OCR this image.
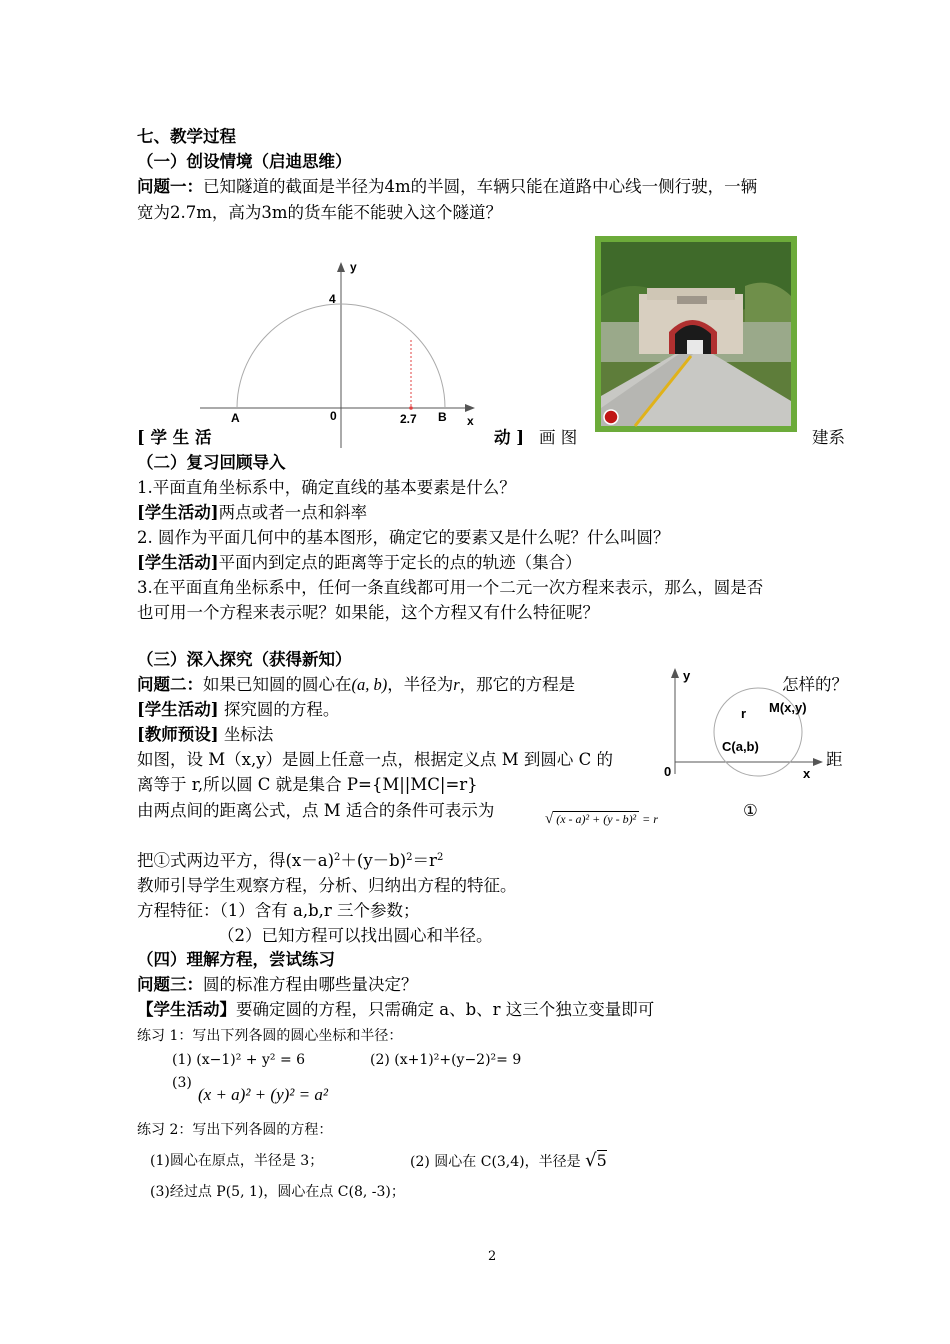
七、教学过程
（一）创设情境（启迪思维）
问题一：已知隧道的截面是半径为4m的半圆，车辆只能在道路中心线一侧行驶，一辆
宽为2.7m，高为3m的货车能不能驶入这个隧道？
y
x
4
A	0	2.7 B
[ 学 生 活	动 ] 画 图	建系
（二）复习回顾导入
1.平面直角坐标系中，确定直线的基本要素是什么？
[学生活动]两点或者一点和斜率
2. 圆作为平面几何中的基本图形，确定它的要素又是什么呢？什么叫圆？
[学生活动]平面内到定点的距离等于定长的点的轨迹（集合）
3.在平面直角坐标系中，任何一条直线都可用一个二元一次方程来表示，那么，圆是否
也可用一个方程来表示呢？如果能，这个方程又有什么特征呢？
（三）深入探究（获得新知）
问题二：如果已知圆的圆心在(a, b)，半径为r，那它的方程是	怎样的？
[学生活动] 探究圆的方程。
[教师预设] 坐标法
如图，设 M（x,y）是圆上任意一点，根据定义点 M 到圆心 C 的	距
离等于 r,所以圆 C 就是集合 P={M||MC|=r}
y
x
0
r M(x,y)
C(a,b)
由两点间的距离公式，点 M 适合的条件可表示为	√ (x - a)² + (y - b)² = r	①
把①式两边平方，得$(x-a)^2+(y-b)^2=r^2$
教师引导学生观察方程，分析、归纳出方程的特征。
方程特征：（1）含有 a,b,r 三个参数；
（2）已知方程可以找出圆心和半径。
（四）理解方程，尝试练习
问题三：圆的标准方程由哪些量决定？
【学生活动】要确定圆的方程，只需确定 a、b、r 这三个独立变量即可
练习 1：写出下列各圆的圆心坐标和半径：
(1) (x−1)² + y² = 6	(2) (x+1)²+(y−2)²= 9
(3)
(x + a)² + (y)² = a²
练习 2：写出下列各圆的方程：
(1)圆心在原点，半径是 3；	(2) 圆心在 C(3,4)，半径是 √5
(3)经过点 P(5, 1)，圆心在点 C(8, -3)；
2
